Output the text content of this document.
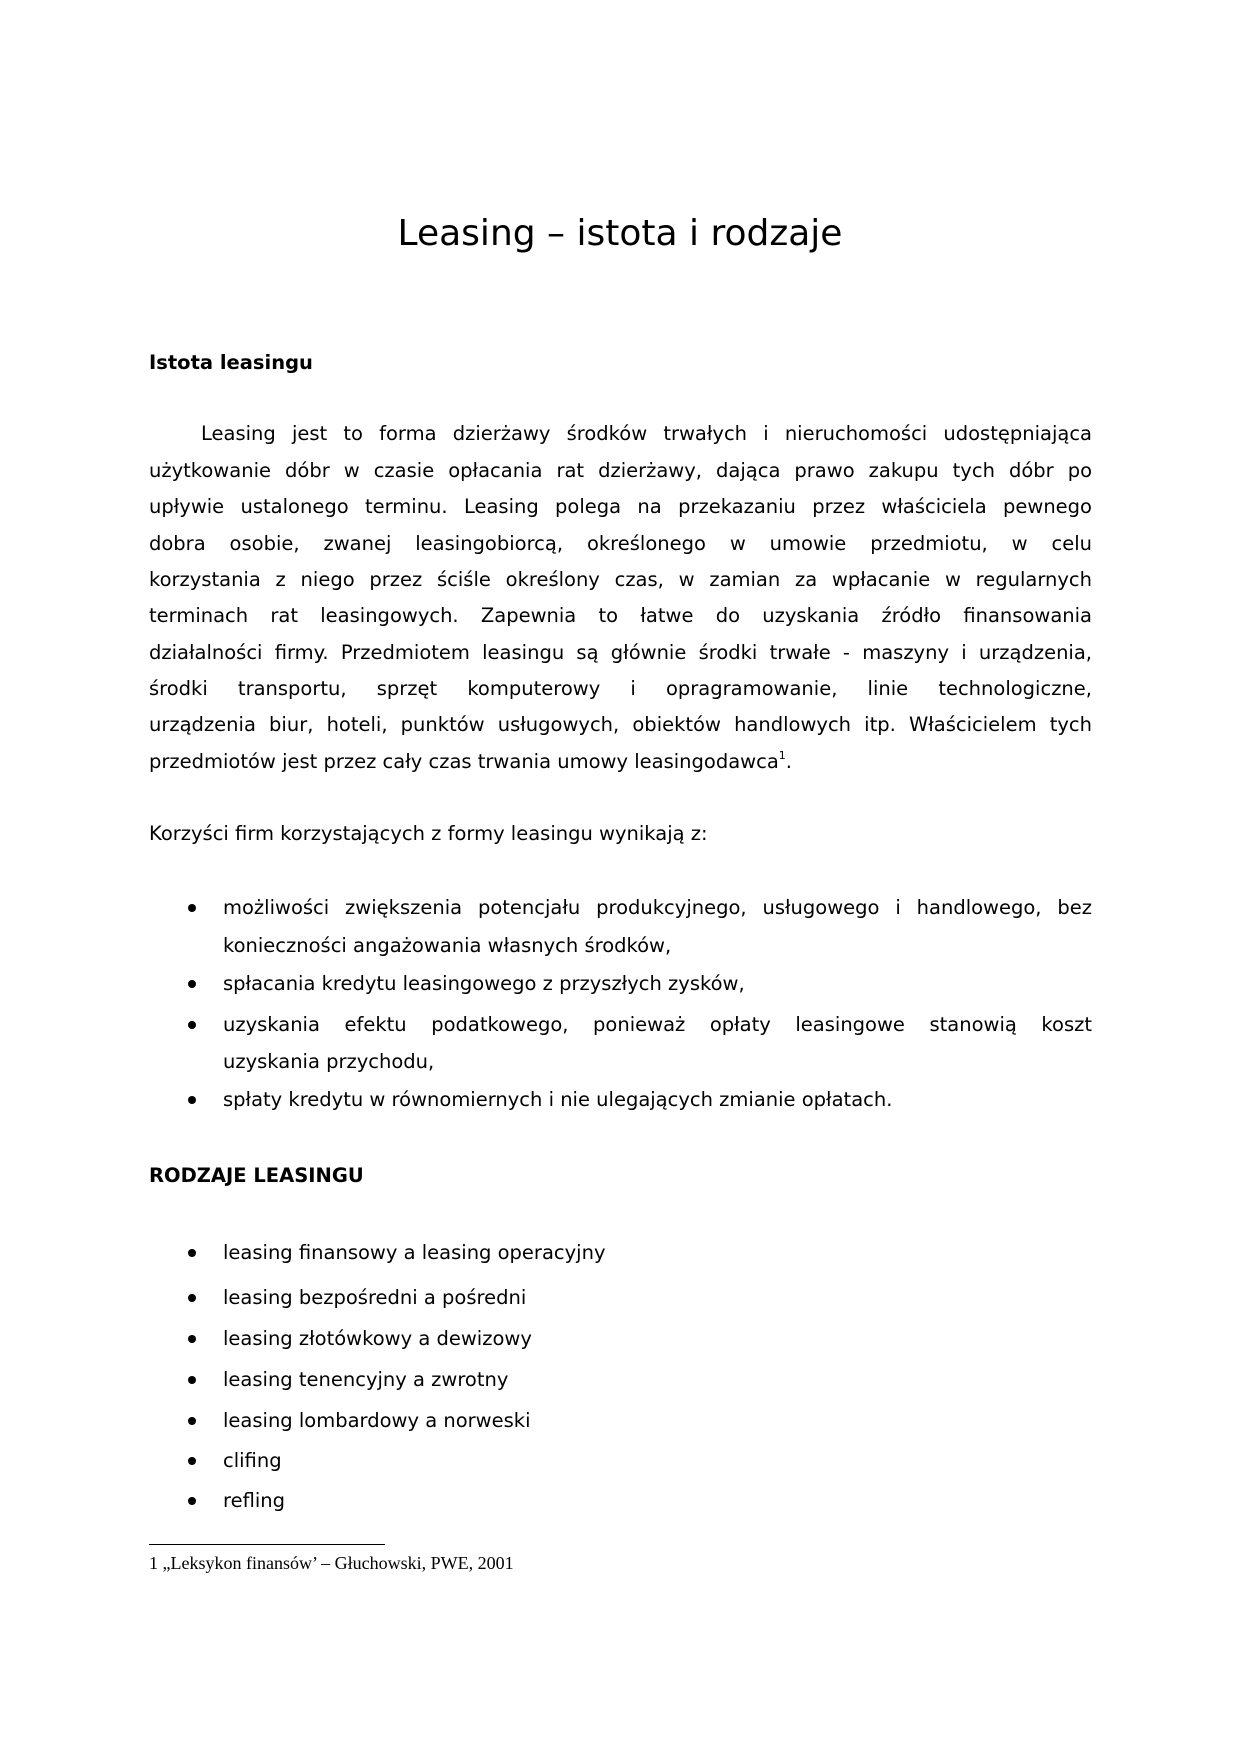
Leasing – istota i rodzaje
Istota leasingu
Leasing jest to forma dzierżawy środków trwałych i nieruchomości udostępniająca
użytkowanie dóbr w czasie opłacania rat dzierżawy, dająca prawo zakupu tych dóbr po
upływie ustalonego terminu. Leasing polega na przekazaniu przez właściciela pewnego
dobra osobie, zwanej leasingobiorcą, określonego w umowie przedmiotu, w celu
korzystania z niego przez ściśle określony czas, w zamian za wpłacanie w regularnych
terminach rat leasingowych. Zapewnia to łatwe do uzyskania źródło finansowania
działalności firmy. Przedmiotem leasingu są głównie środki trwałe - maszyny i urządzenia,
środki transportu, sprzęt komputerowy i opragramowanie, linie technologiczne,
urządzenia biur, hoteli, punktów usługowych, obiektów handlowych itp. Właścicielem tych
przedmiotów jest przez cały czas trwania umowy leasingodawca$^1$.
Korzyści firm korzystających z formy leasingu wynikają z:
możliwości zwiększenia potencjału produkcyjnego, usługowego i handlowego, bez
konieczności angażowania własnych środków,
spłacania kredytu leasingowego z przyszłych zysków,
uzyskania efektu podatkowego, ponieważ opłaty leasingowe stanowią koszt
uzyskania przychodu,
spłaty kredytu w równomiernych i nie ulegających zmianie opłatach.
RODZAJE LEASINGU
leasing finansowy a leasing operacyjny
leasing bezpośredni a pośredni
leasing złotówkowy a dewizowy
leasing tenencyjny a zwrotny
leasing lombardowy a norweski
clifing
refling
1 „Leksykon finansów’ – Głuchowski, PWE, 2001
